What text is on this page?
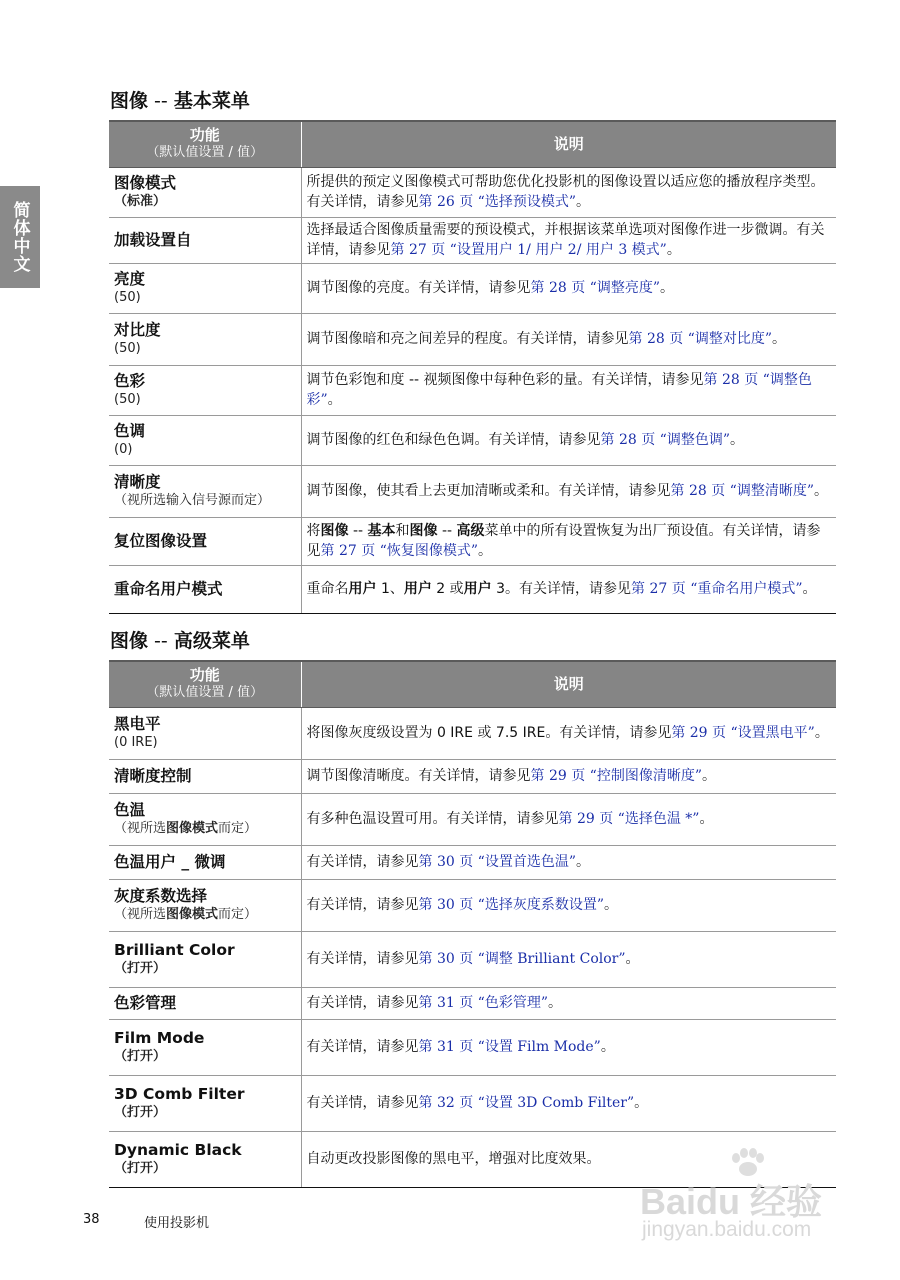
简体中文
图像 -- 基本菜单
功能
（默认值设置 / 值）	说明

图像模式
（标准）	所提供的预定义图像模式可帮助您优化投影机的图像设置以适应您的播放程序类型。有关详情，请参见第 26 页 “选择预设模式”。

加载设置自	选择最适合图像质量需要的预设模式，并根据该菜单选项对图像作进一步微调。有关详情，请参见第 27 页 “设置用户 1/ 用户 2/ 用户 3 模式”。

亮度
(50)	调节图像的亮度。有关详情，请参见第 28 页 “调整亮度”。

对比度
(50)	调节图像暗和亮之间差异的程度。有关详情，请参见第 28 页 “调整对比度”。

色彩
(50)	调节色彩饱和度 -- 视频图像中每种色彩的量。有关详情，请参见第 28 页 “调整色彩”。

色调
(0)	调节图像的红色和绿色色调。有关详情，请参见第 28 页 “调整色调”。

清晰度
（视所选输入信号源而定）	调节图像，使其看上去更加清晰或柔和。有关详情，请参见第 28 页 “调整清晰度”。

复位图像设置	将图像 -- 基本和图像 -- 高级菜单中的所有设置恢复为出厂预设值。有关详情，请参见第 27 页 “恢复图像模式”。

重命名用户模式	重命名用户 1、用户 2 或用户 3。有关详情，请参见第 27 页 “重命名用户模式”。
图像 -- 高级菜单
功能
（默认值设置 / 值）	说明

黑电平
(0 IRE)	将图像灰度级设置为 0 IRE 或 7.5 IRE。有关详情，请参见第 29 页 “设置黑电平”。

清晰度控制	调节图像清晰度。有关详情，请参见第 29 页 “控制图像清晰度”。

色温
（视所选图像模式而定）	有多种色温设置可用。有关详情，请参见第 29 页 “选择色温 *”。

色温用户 _ 微调	有关详情，请参见第 30 页 “设置首选色温”。

灰度系数选择
（视所选图像模式而定）	有关详情，请参见第 30 页 “选择灰度系数设置”。

Brilliant Color
（打开）	有关详情，请参见第 30 页 “调整 Brilliant Color”。

色彩管理	有关详情，请参见第 31 页 “色彩管理”。

Film Mode
（打开）	有关详情，请参见第 31 页 “设置 Film Mode”。

3D Comb Filter
（打开）	有关详情，请参见第 32 页 “设置 3D Comb Filter”。

Dynamic Black
（打开）	自动更改投影图像的黑电平，增强对比度效果。
38	使用投影机
Baidu 经验
jingyan.baidu.com
